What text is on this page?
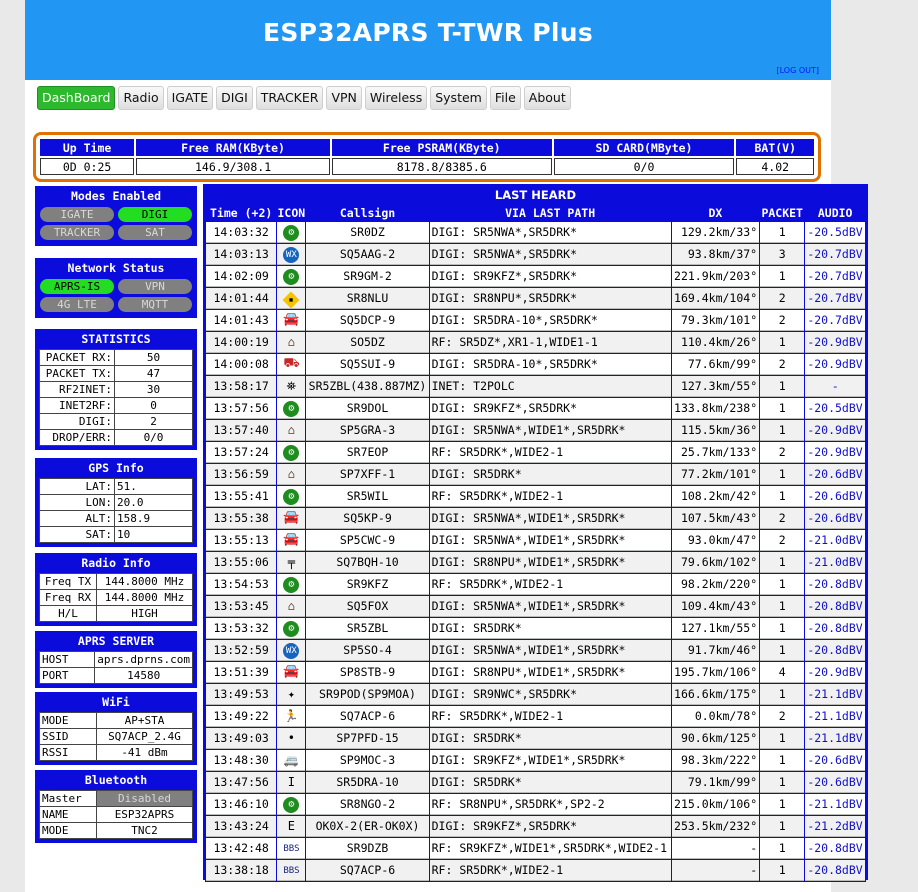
ESP32APRS T-TWR Plus
[LOG OUT]
DashBoard	Radio	IGATE	DIGI	TRACKER	VPN	Wireless	System	File	About
Up Time	Free RAM(KByte)	Free PSRAM(KByte)	SD CARD(MByte)	BAT(V)
0D 0:25	146.9/308.1	8178.8/8385.6	0/0	4.02
Modes Enabled
IGATE	DIGI
TRACKER	SAT
Network Status
APRS-IS	VPN
4G LTE	MQTT
STATISTICS
PACKET RX:	50
PACKET TX:	47
RF2INET:	30
INET2RF:	0
DIGI:	2
DROP/ERR:	0/0
GPS Info
LAT:	51.
LON:	20.0
ALT:	158.9
SAT:	10
Radio Info
Freq TX	144.8000 MHz
Freq RX	144.8000 MHz
H/L	HIGH
APRS SERVER
HOST	aprs.dprns.com
PORT	14580
WiFi
MODE	AP+STA
SSID	SQ7ACP_2.4G
RSSI	-41 dBm
Bluetooth
Master	Disabled
NAME	ESP32APRS
MODE	TNC2
LAST HEARD
Time (+2)	ICON	Callsign	VIA LAST PATH	DX	PACKET	AUDIO
14:03:32	⚙	SR0DZ	DIGI: SR5NWA*,SR5DRK*	129.2km/33°	1	-20.5dBV
14:03:13	WX	SQ5AAG-2	DIGI: SR5NWA*,SR5DRK*	93.8km/37°	3	-20.7dBV
14:02:09	⚙	SR9GM-2	DIGI: SR9KFZ*,SR5DRK*	221.9km/203°	1	-20.7dBV
14:01:44	◆	SR8NLU	DIGI: SR8NPU*,SR5DRK*	169.4km/104°	2	-20.7dBV
14:01:43	🚘	SQ5DCP-9	DIGI: SR5DRA-10*,SR5DRK*	79.3km/101°	2	-20.7dBV
14:00:19	⌂	SO5DZ	RF: SR5DZ*,XR1-1,WIDE1-1	110.4km/26°	1	-20.9dBV
14:00:08	⛟	SQ5SUI-9	DIGI: SR5DRA-10*,SR5DRK*	77.6km/99°	2	-20.9dBV
13:58:17	⛯	SR5ZBL(438.887MZ)	INET: T2POLC	127.3km/55°	1	-
13:57:56	⚙	SR9DOL	DIGI: SR9KFZ*,SR5DRK*	133.8km/238°	1	-20.5dBV
13:57:40	⌂	SP5GRA-3	DIGI: SR5NWA*,WIDE1*,SR5DRK*	115.5km/36°	1	-20.9dBV
13:57:24	⚙	SR7EOP	RF: SR5DRK*,WIDE2-1	25.7km/133°	2	-20.9dBV
13:56:59	⌂	SP7XFF-1	DIGI: SR5DRK*	77.2km/101°	1	-20.6dBV
13:55:41	⚙	SR5WIL	RF: SR5DRK*,WIDE2-1	108.2km/42°	1	-20.6dBV
13:55:38	🚘	SQ5KP-9	DIGI: SR5NWA*,WIDE1*,SR5DRK*	107.5km/43°	2	-20.6dBV
13:55:13	🚘	SP5CWC-9	DIGI: SR5NWA*,WIDE1*,SR5DRK*	93.0km/47°	2	-21.0dBV
13:55:06	╤	SQ7BQH-10	DIGI: SR8NPU*,WIDE1*,SR5DRK*	79.6km/102°	1	-21.0dBV
13:54:53	⚙	SR9KFZ	RF: SR5DRK*,WIDE2-1	98.2km/220°	1	-20.8dBV
13:53:45	⌂	SQ5FOX	DIGI: SR5NWA*,WIDE1*,SR5DRK*	109.4km/43°	1	-20.8dBV
13:53:32	⚙	SR5ZBL	DIGI: SR5DRK*	127.1km/55°	1	-20.8dBV
13:52:59	WX	SP5SO-4	DIGI: SR5NWA*,WIDE1*,SR5DRK*	91.7km/46°	1	-20.8dBV
13:51:39	🚘	SP8STB-9	DIGI: SR8NPU*,WIDE1*,SR5DRK*	195.7km/106°	4	-20.9dBV
13:49:53	✦	SR9POD(SP9MOA)	DIGI: SR9NWC*,SR5DRK*	166.6km/175°	1	-21.1dBV
13:49:22	🏃	SQ7ACP-6	RF: SR5DRK*,WIDE2-1	0.0km/78°	2	-21.1dBV
13:49:03	•	SP7PFD-15	DIGI: SR5DRK*	90.6km/125°	1	-21.1dBV
13:48:30	🚐	SP9MOC-3	DIGI: SR9KFZ*,WIDE1*,SR5DRK*	98.3km/222°	1	-20.6dBV
13:47:56	I	SR5DRA-10	DIGI: SR5DRK*	79.1km/99°	1	-20.6dBV
13:46:10	⚙	SR8NGO-2	RF: SR8NPU*,SR5DRK*,SP2-2	215.0km/106°	1	-21.1dBV
13:43:24	E	OK0X-2(ER-OK0X)	DIGI: SR9KFZ*,SR5DRK*	253.5km/232°	1	-21.2dBV
13:42:48	BBS	SR9DZB	RF: SR9KFZ*,WIDE1*,SR5DRK*,WIDE2-1	-	1	-20.8dBV
13:38:18	BBS	SQ7ACP-6	RF: SR5DRK*,WIDE2-1	-	1	-20.8dBV
